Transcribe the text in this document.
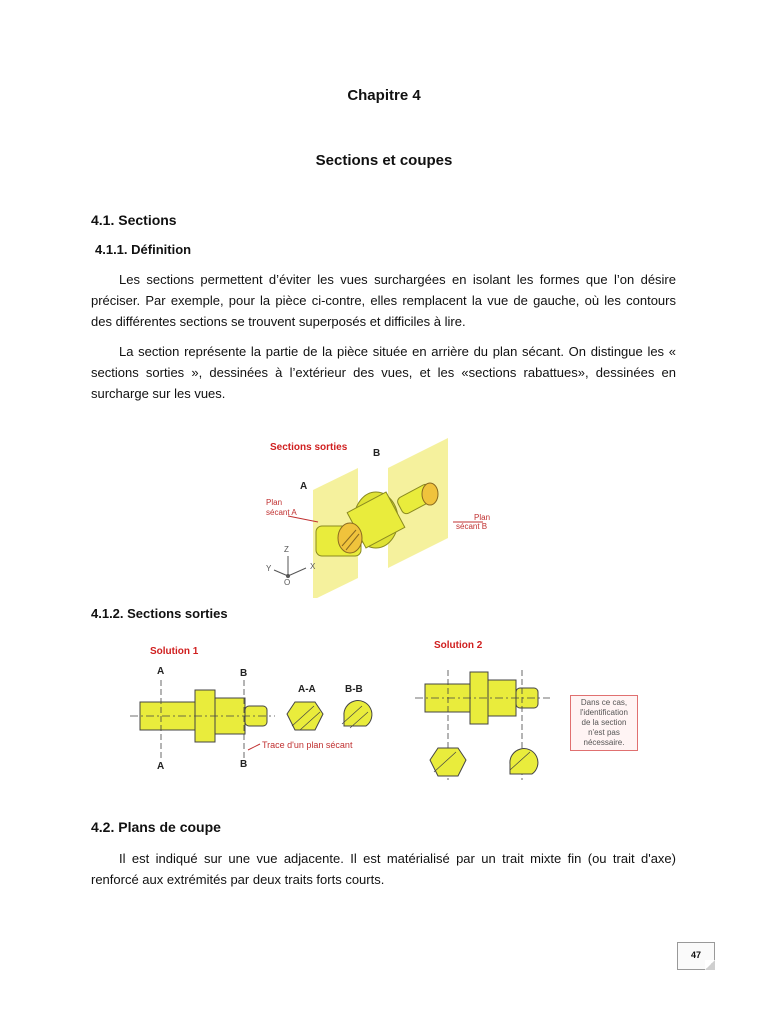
Chapitre 4
Sections et coupes
4.1. Sections
4.1.1. Définition
Les sections permettent d’éviter les vues surchargées en isolant les formes que l’on désire préciser. Par exemple, pour la pièce ci-contre, elles remplacent la vue de gauche, où les contours des différentes sections se trouvent superposés et difficiles à lire.
La section représente la partie de la pièce située en arrière du plan sécant. On distingue les « sections sorties », dessinées à l’extérieur des vues, et les «sections rabattues», dessinées en surcharge sur les vues.
Sections sorties
B
A
Plan
sécant A
Plan
sécant B
Z
Y	X
O
4.1.2. Sections sorties
Solution 1
Solution 2
A
A
B
B
A-A	B-B
Trace d'un plan sécant
Dans ce cas,
l'identification
de la section
n'est pas
nécessaire.
4.2. Plans de coupe
Il est indiqué sur une vue adjacente. Il est matérialisé par un trait mixte fin (ou trait d'axe) renforcé aux extrémités par deux traits forts courts.
47
